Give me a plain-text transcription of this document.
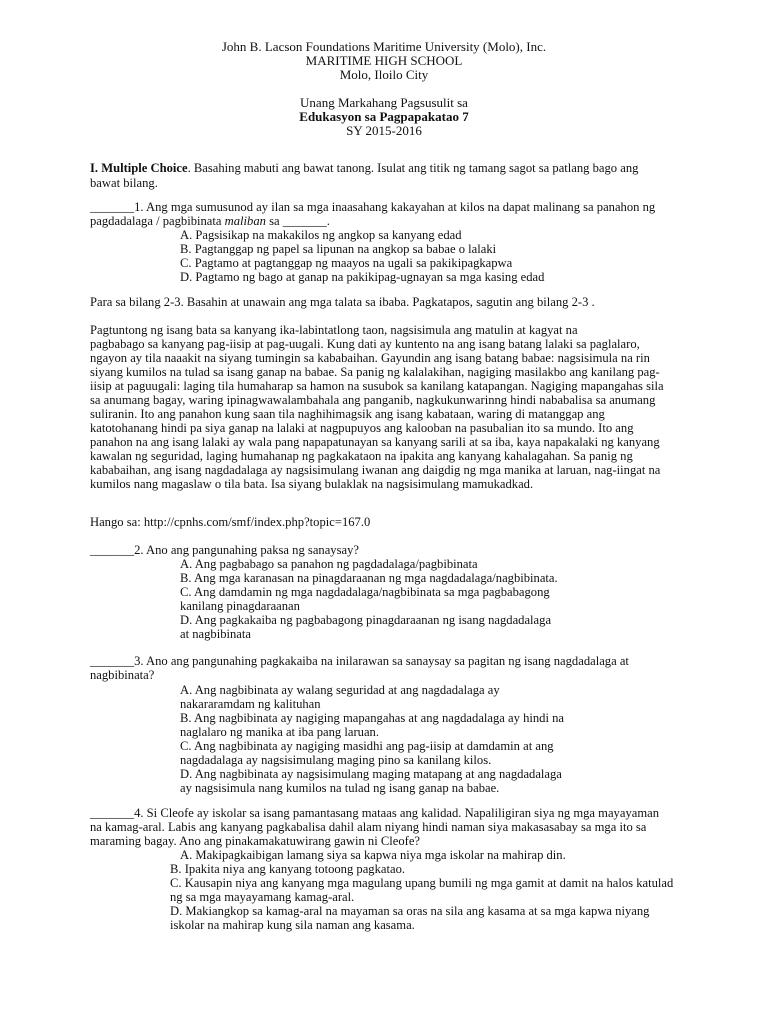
John B. Lacson Foundations Maritime University (Molo), Inc.
MARITIME HIGH SCHOOL
Molo, Iloilo City
Unang Markahang Pagsusulit sa
Edukasyon sa Pagpapakatao 7
SY 2015-2016
I. Multiple Choice. Basahing mabuti ang bawat tanong. Isulat ang titik ng tamang sagot sa patlang bago ang
bawat bilang.
_______1. Ang mga sumusunod ay ilan sa mga inaasahang kakayahan at kilos na dapat malinang sa panahon ng
pagdadalaga / pagbibinata maliban sa _______.
A. Pagsisikap na makakilos ng angkop sa kanyang edad
B. Pagtanggap ng papel sa lipunan na angkop sa babae o lalaki
C. Pagtamo at pagtanggap ng maayos na ugali sa pakikipagkapwa
D. Pagtamo ng bago at ganap na pakikipag-ugnayan sa mga kasing edad
Para sa bilang 2-3. Basahin at unawain ang mga talata sa ibaba. Pagkatapos, sagutin ang bilang 2-3 .
Pagtuntong ng isang bata sa kanyang ika-labintatlong taon, nagsisimula ang matulin at kagyat na
pagbabago sa kanyang pag-iisip at pag-uugali. Kung dati ay kuntento na ang isang batang lalaki sa paglalaro,
ngayon ay tila naaakit na siyang tumingin sa kababaihan. Gayundin ang isang batang babae: nagsisimula na rin
siyang kumilos na tulad sa isang ganap na babae. Sa panig ng kalalakihan, nagiging masilakbo ang kanilang pag-
iisip at paguugali: laging tila humaharap sa hamon na susubok sa kanilang katapangan. Nagiging mapangahas sila
sa anumang bagay, waring ipinagwawalambahala ang panganib, nagkukunwarinng hindi nababalisa sa anumang
suliranin. Ito ang panahon kung saan tila naghihimagsik ang isang kabataan, waring di matanggap ang
katotohanang hindi pa siya ganap na lalaki at nagpupuyos ang kalooban na pasubalian ito sa mundo. Ito ang
panahon na ang isang lalaki ay wala pang napapatunayan sa kanyang sarili at sa iba, kaya napakalaki ng kanyang
kawalan ng seguridad, laging humahanap ng pagkakataon na ipakita ang kanyang kahalagahan. Sa panig ng
kababaihan, ang isang nagdadalaga ay nagsisimulang iwanan ang daigdig ng mga manika at laruan, nag-iingat na
kumilos nang magaslaw o tila bata. Isa siyang bulaklak na nagsisimulang mamukadkad.
Hango sa: http://cpnhs.com/smf/index.php?topic=167.0
_______2. Ano ang pangunahing paksa ng sanaysay?
A. Ang pagbabago sa panahon ng pagdadalaga/pagbibinata
B. Ang mga karanasan na pinagdaraanan ng mga nagdadalaga/nagbibinata.
C. Ang damdamin ng mga nagdadalaga/nagbibinata sa mga pagbabagong
kanilang pinagdaraanan
D. Ang pagkakaiba ng pagbabagong pinagdaraanan ng isang nagdadalaga
at nagbibinata
_______3. Ano ang pangunahing pagkakaiba na inilarawan sa sanaysay sa pagitan ng isang nagdadalaga at
nagbibinata?
A. Ang nagbibinata ay walang seguridad at ang nagdadalaga ay
nakararamdam ng kalituhan
B. Ang nagbibinata ay nagiging mapangahas at ang nagdadalaga ay hindi na
naglalaro ng manika at iba pang laruan.
C. Ang nagbibinata ay nagiging masidhi ang pag-iisip at damdamin at ang
nagdadalaga ay nagsisimulang maging pino sa kanilang kilos.
D. Ang nagbibinata ay nagsisimulang maging matapang at ang nagdadalaga
ay nagsisimula nang kumilos na tulad ng isang ganap na babae.
_______4. Si Cleofe ay iskolar sa isang pamantasang mataas ang kalidad. Napaliligiran siya ng mga mayayaman
na kamag-aral. Labis ang kanyang pagkabalisa dahil alam niyang hindi naman siya makasasabay sa mga ito sa
maraming bagay. Ano ang pinakamakatuwirang gawin ni Cleofe?
A. Makipagkaibigan lamang siya sa kapwa niya mga iskolar na mahirap din.
B. Ipakita niya ang kanyang totoong pagkatao.
C. Kausapin niya ang kanyang mga magulang upang bumili ng mga gamit at damit na halos katulad
ng sa mga mayayamang kamag-aral.
D. Makiangkop sa kamag-aral na mayaman sa oras na sila ang kasama at sa mga kapwa niyang
iskolar na mahirap kung sila naman ang kasama.
